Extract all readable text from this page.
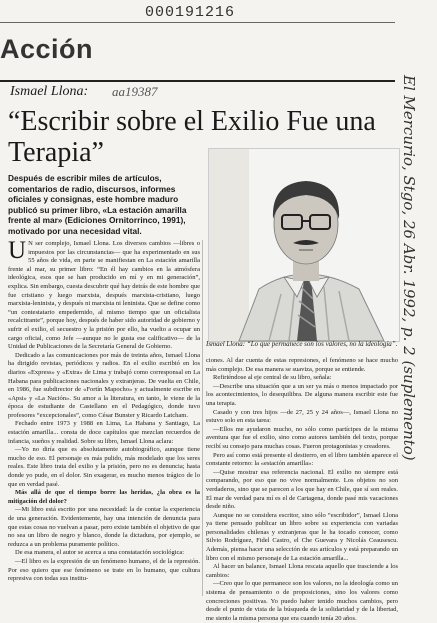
000191216
Acción
Ismael Llona: aa19387
“Escribir sobre el Exilio Fue una Terapia”
Después de escribir miles de artículos, comentarios de radio, discursos, informes oficiales y consignas, este hombre maduro publicó su primer libro, «La estación amarilla frente al mar» (Ediciones Ornitorrinco, 1991), motivado por una necesidad vital.
Ismael Llona: “Lo que permanece son los valores, no la ideología”.

U N ser complejo, Ismael Llona. Los diversos cambios —libres o impuestos por las circunstancias— que ha experimentado en sus 55 años de vida, en parte se manifiestan en La estación amarilla frente al mar, su primer libro: “En él hay cambios en la atmósfera ideológica, esos que se han producido en mí y en mi generación”, explica. Sin embargo, cuesta descubrir qué hay detrás de este hombre que fue cristiano y luego marxista, después marxista-cristiano, luego marxista-leninista, y después ni marxista ni leninista. Que se define como “un contestatario empedernido, al mismo tiempo que un oficialista recalcitrante”, porque hoy, después de haber sido autoridad de gobierno y sufrir el exilio, el secuestro y la prisión por ello, ha vuelto a ocupar un cargo oficial, como Jefe —aunque no le gusta ese calificativo— de la Unidad de Publicaciones de la Secretaría General de Gobierno.

Dedicado a las comunicaciones por más de treinta años, Ismael Llona ha dirigido revistas, periódicos y radios. En el exilio escribió en los diarios «Express» y «Extra» de Lima y trabajó como corresponsal en La Habana para publicaciones nacionales y extranjeras. De vuelta en Chile, en 1986, fue subdirector de «Fortín Mapocho» y actualmente escribe en «Apsi» y «La Nación». Su amor a la literatura, en tanto, le viene de la época de estudiante de Castellano en el Pedagógico, donde tuvo profesores “excepcionales”, como César Bunster y Ricardo Latcham.

Fechado entre 1973 y 1988 en Lima, La Habana y Santiago, La estación amarilla... consta de doce capítulos que mezclan recuerdos de infancia, sueños y realidad. Sobre su libro, Ismael Llona aclara:

—Yo no diría que es absolutamente autobiográfico, aunque tiene mucho de eso. El personaje es más pulido, más modelado que los seres reales. Este libro trata del exilio y la prisión, pero no es denuncia; hasta donde yo pude, en el dolor. Sin exagerar, es mucho menos trágico de lo que en verdad pasé.

Más allá de que el tiempo borre las heridas, ¿la obra es la mitigación del dolor?

—Mi libro está escrito por una necesidad: la de contar la experiencia de una generación. Evidentemente, hay una intención de denuncia para que estas cosas no vuelvan a pasar, pero existe también el objetivo de que no sea un libro de negro y blanco, donde la dictadura, por ejemplo, se reduzca a un problema puramente político.

De esa manera, el autor se acerca a una constatación sociológica:

—El libro es la expresión de un fenómeno humano, el de la represión. Por eso quiero que ese fenómeno se trate en lo humano, que cultura represiva con todas sus institu-

ciones. Al dar cuenta de estas represiones, el fenómeno se hace mucho más complejo. De esa manera se suaviza, porque se entiende.

Refiriéndose al eje central de su libro, señala:

—Describe una situación que a un ser ya más o menos impactado por los acontecimientos, lo desequilibra. De alguna manera escribir este fue una terapia.

Casado y con tres hijos —de 27, 25 y 24 años—, Ismael Llona no estuvo solo en esta tarea:

—Ellos me ayudaron mucho, no sólo como partícipes de la misma aventura que fue el exilio, sino como autores también del texto, porque recibí su consejo para muchas cosas. Fueron protagonistas y creadores.

Pero así como está presente el destierro, en el libro también aparece el constante retorno: la «estación amarilla»:

—Quise mostrar esa referencia nacional. El exilio no siempre está comparando, por eso que no vive normalmente. Los objetos no son verdaderos, sino que se parecen a los que hay en Chile, que sí son reales. El mar de verdad para mí es el de Cartagena, donde pasé mis vacaciones desde niño.

Aunque no se considera escritor, sino sólo “escribidor”, Ismael Llona ya tiene pensado publicar un libro sobre su experiencia con variadas personalidades chilenas y extranjeras que le ha tocado conocer, como Silvio Rodríguez, Fidel Castro, el Che Guevara y Nicolás Ceausescu. Además, piensa hacer una selección de sus artículos y está preparando un libro con el mismo personaje de La estación amarilla...

Al hacer un balance, Ismael Llona rescata aquello que trasciende a los cambios:

—Creo que lo que permanece son los valores, no la ideología como un sistema de pensamiento o de proposiciones, sino los valores como concreciones positivas. Yo puedo haber tenido muchos cambios, pero desde el punto de vista de la búsqueda de la solidaridad y de la libertad, me siento la misma persona que era cuando tenía 20 años.

El Mercurio, Stgo, 26 Abr. 1992, p. 2 (suplemento)
